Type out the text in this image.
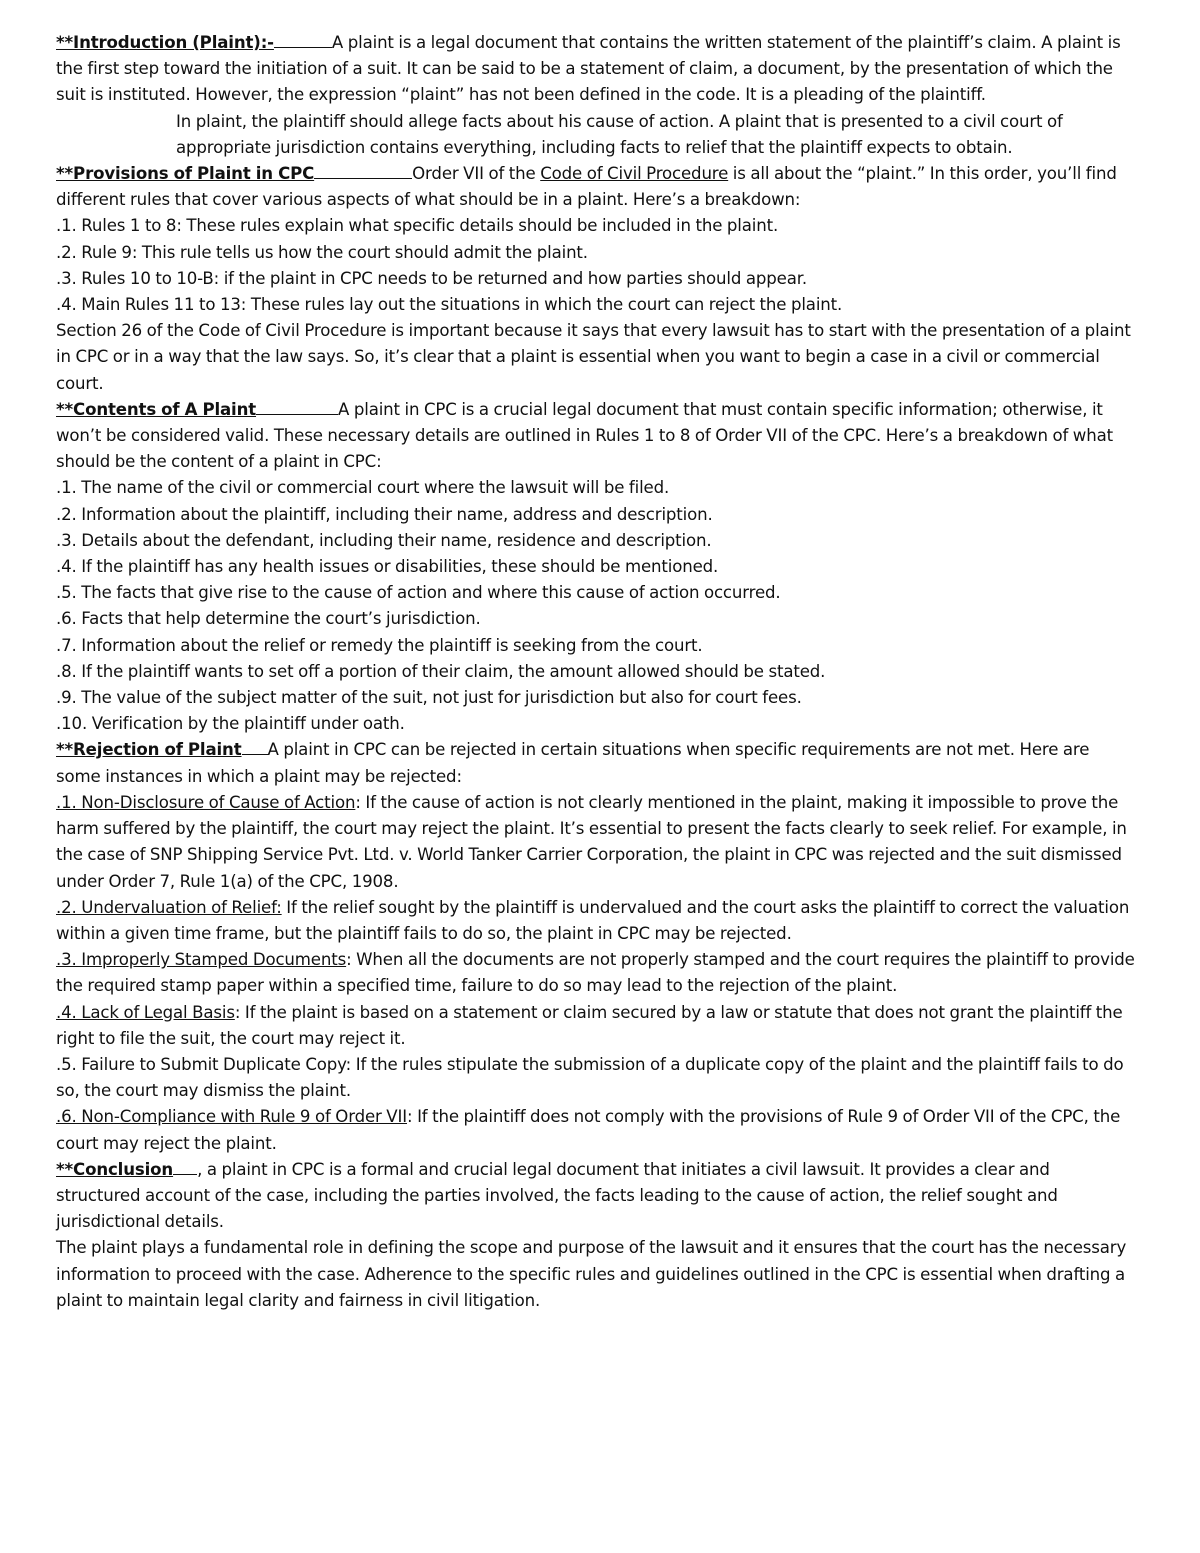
**Introduction (Plaint):-	A plaint is a legal document that contains the written statement of the plaintiff’s claim. A plaint is the first step toward the initiation of a suit. It can be said to be a statement of claim, a document, by the presentation of which the suit is instituted. However, the expression “plaint” has not been defined in the code. It is a pleading of the plaintiff.

In plaint, the plaintiff should allege facts about his cause of action. A plaint that is presented to a civil court of appropriate jurisdiction contains everything, including facts to relief that the plaintiff expects to obtain.

**Provisions of Plaint in CPC	Order VII of the Code of Civil Procedure is all about the “plaint.” In this order, you’ll find different rules that cover various aspects of what should be in a plaint. Here’s a breakdown:

.1. Rules 1 to 8: These rules explain what specific details should be included in the plaint.

.2. Rule 9: This rule tells us how the court should admit the plaint.

.3. Rules 10 to 10-B: if the plaint in CPC needs to be returned and how parties should appear.

.4. Main Rules 11 to 13: These rules lay out the situations in which the court can reject the plaint.

Section 26 of the Code of Civil Procedure is important because it says that every lawsuit has to start with the presentation of a plaint in CPC or in a way that the law says. So, it’s clear that a plaint is essential when you want to begin a case in a civil or commercial court.

**Contents of A Plaint	A plaint in CPC is a crucial legal document that must contain specific information; otherwise, it won’t be considered valid. These necessary details are outlined in Rules 1 to 8 of Order VII of the CPC. Here’s a breakdown of what should be the content of a plaint in CPC:

.1. The name of the civil or commercial court where the lawsuit will be filed.

.2. Information about the plaintiff, including their name, address and description.

.3. Details about the defendant, including their name, residence and description.

.4. If the plaintiff has any health issues or disabilities, these should be mentioned.

.5. The facts that give rise to the cause of action and where this cause of action occurred.

.6. Facts that help determine the court’s jurisdiction.

.7. Information about the relief or remedy the plaintiff is seeking from the court.

.8. If the plaintiff wants to set off a portion of their claim, the amount allowed should be stated.

.9. The value of the subject matter of the suit, not just for jurisdiction but also for court fees.

.10. Verification by the plaintiff under oath.

**Rejection of Plaint A plaint in CPC can be rejected in certain situations when specific requirements are not met. Here are some instances in which a plaint may be rejected:

.1. Non-Disclosure of Cause of Action: If the cause of action is not clearly mentioned in the plaint, making it impossible to prove the harm suffered by the plaintiff, the court may reject the plaint. It’s essential to present the facts clearly to seek relief. For example, in the case of SNP Shipping Service Pvt. Ltd. v. World Tanker Carrier Corporation, the plaint in CPC was rejected and the suit dismissed under Order 7, Rule 1(a) of the CPC, 1908.

.2. Undervaluation of Relief: If the relief sought by the plaintiff is undervalued and the court asks the plaintiff to correct the valuation within a given time frame, but the plaintiff fails to do so, the plaint in CPC may be rejected.

.3. Improperly Stamped Documents: When all the documents are not properly stamped and the court requires the plaintiff to provide the required stamp paper within a specified time, failure to do so may lead to the rejection of the plaint.

.4. Lack of Legal Basis: If the plaint is based on a statement or claim secured by a law or statute that does not grant the plaintiff the right to file the suit, the court may reject it.

.5. Failure to Submit Duplicate Copy: If the rules stipulate the submission of a duplicate copy of the plaint and the plaintiff fails to do so, the court may dismiss the plaint.

.6. Non-Compliance with Rule 9 of Order VII: If the plaintiff does not comply with the provisions of Rule 9 of Order VII of the CPC, the court may reject the plaint.

**Conclusion , a plaint in CPC is a formal and crucial legal document that initiates a civil lawsuit. It provides a clear and structured account of the case, including the parties involved, the facts leading to the cause of action, the relief sought and jurisdictional details.

The plaint plays a fundamental role in defining the scope and purpose of the lawsuit and it ensures that the court has the necessary information to proceed with the case. Adherence to the specific rules and guidelines outlined in the CPC is essential when drafting a plaint to maintain legal clarity and fairness in civil litigation.
